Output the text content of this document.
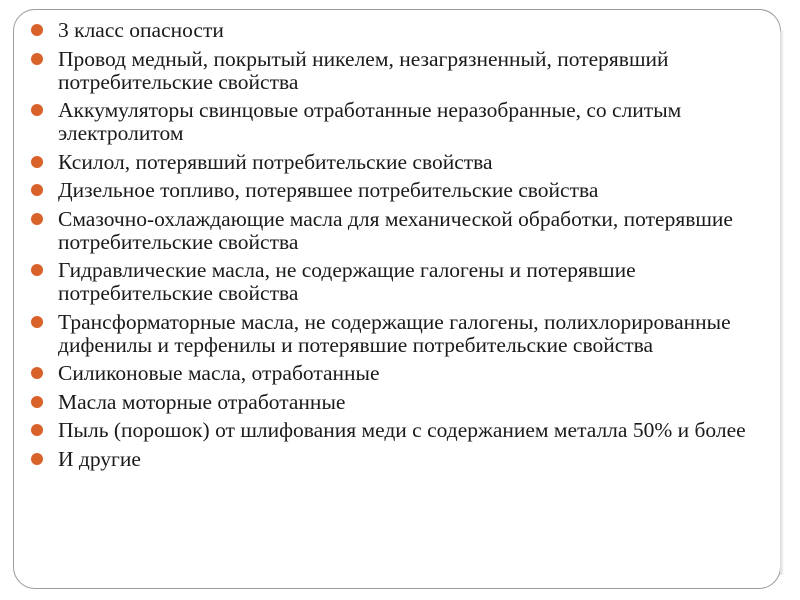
3 класс опасности
Провод медный, покрытый никелем, незагрязненный, потерявший потребительские свойства
Аккумуляторы свинцовые отработанные неразобранные, со слитым электролитом
Ксилол, потерявший потребительские свойства
Дизельное топливо, потерявшее потребительские свойства
Смазочно-охлаждающие масла для механической обработки, потерявшие потребительские свойства
Гидравлические масла, не содержащие галогены и потерявшие потребительские свойства
Трансформаторные масла, не содержащие галогены, полихлорированные дифенилы и терфенилы и потерявшие потребительские свойства
Силиконовые масла, отработанные
Масла моторные отработанные
Пыль (порошок) от шлифования меди с содержанием металла 50% и более
И другие
